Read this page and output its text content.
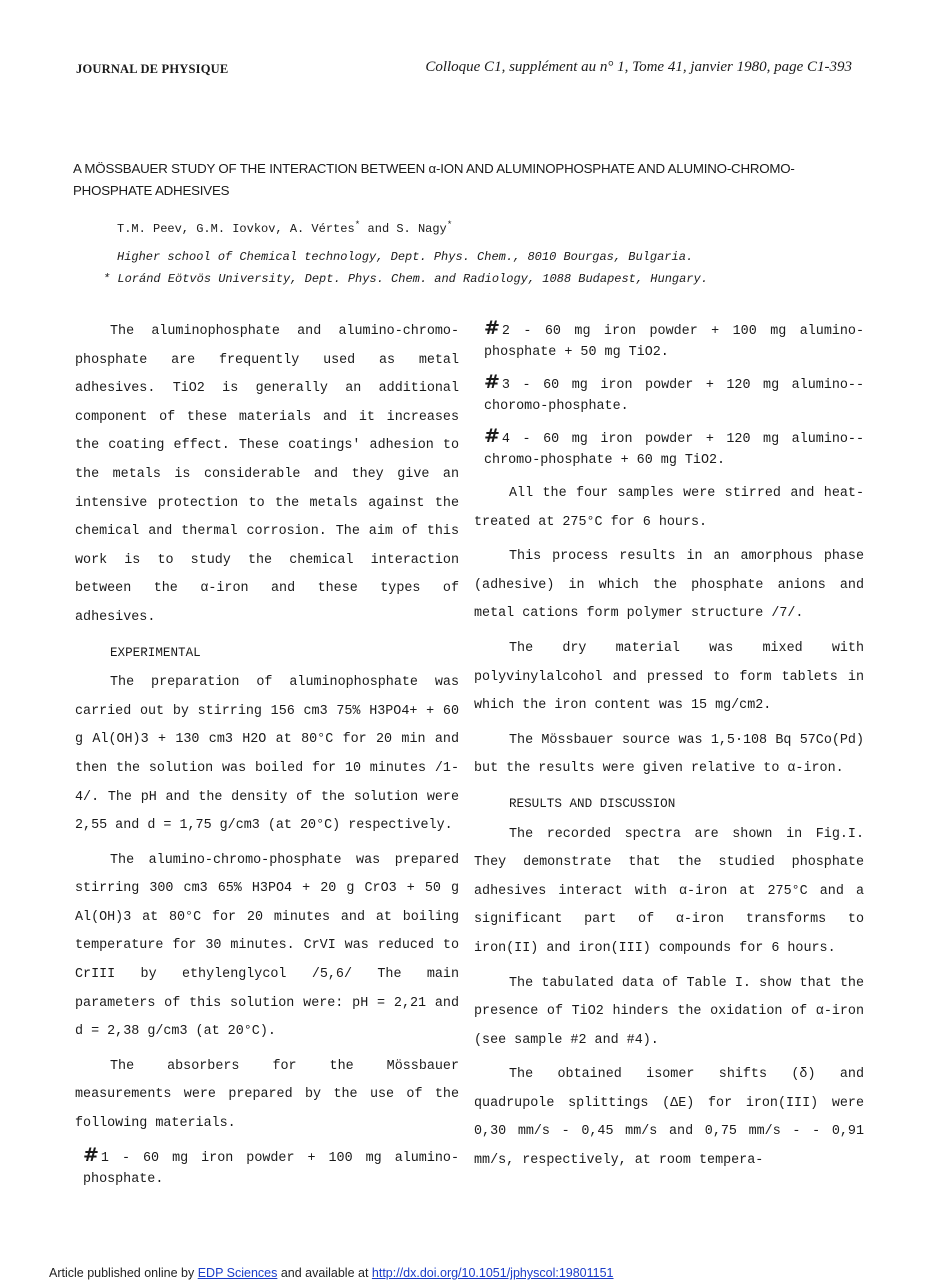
JOURNAL DE PHYSIQUE	Colloque C1, supplément au n° 1, Tome 41, janvier 1980, page C1-393
A MÖSSBAUER STUDY OF THE INTERACTION BETWEEN α-ION AND ALUMINOPHOSPHATE AND ALUMINO-CHROMO-PHOSPHATE ADHESIVES
T.M. Peev, G.M. Iovkov, A. Vértes* and S. Nagy*
Higher school of Chemical technology, Dept. Phys. Chem., 8010 Bourgas, Bulgaria.
* Loránd Eötvös University, Dept. Phys. Chem. and Radiology, 1088 Budapest, Hungary.

The aluminophosphate and alumino-chromo-phosphate are frequently used as metal adhesives. TiO2 is generally an additional component of these materials and it increases the coating effect. These coatings' adhesion to the metals is considerable and they give an intensive protection to the metals against the chemical and thermal corrosion. The aim of this work is to study the chemical interaction between the α-iron and these types of adhesives.

EXPERIMENTAL

The preparation of aluminophosphate was carried out by stirring 156 cm3 75% H3PO4+ + 60 g Al(OH)3 + 130 cm3 H2O at 80°C for 20 min and then the solution was boiled for 10 minutes /1-4/. The pH and the density of the solution were 2,55 and d = 1,75 g/cm3 (at 20°C) respectively.

The alumino-chromo-phosphate was prepared stirring 300 cm3 65% H3PO4 + 20 g CrO3 + 50 g Al(OH)3 at 80°C for 20 minutes and at boiling temperature for 30 minutes. CrVI was reduced to CrIII by ethylenglycol /5,6/ The main parameters of this solution were: pH = 2,21 and d = 2,38 g/cm3 (at 20°C).

The absorbers for the Mössbauer measurements were prepared by the use of the following materials.

# 1 - 60 mg iron powder + 100 mg alumino-phosphate.
# 2 - 60 mg iron powder + 100 mg alumino-phosphate + 50 mg TiO2.
# 3 - 60 mg iron powder + 120 mg alumino--choromo-phosphate.
# 4 - 60 mg iron powder + 120 mg alumino--chromo-phosphate + 60 mg TiO2.

All the four samples were stirred and heat-treated at 275°C for 6 hours.

This process results in an amorphous phase (adhesive) in which the phosphate anions and metal cations form polymer structure /7/.

The dry material was mixed with polyvinylalcohol and pressed to form tablets in which the iron content was 15 mg/cm2.

The Mössbauer source was 1,5·108 Bq 57Co(Pd) but the results were given relative to α-iron.

RESULTS AND DISCUSSION

The recorded spectra are shown in Fig.I. They demonstrate that the studied phosphate adhesives interact with α-iron at 275°C and a significant part of α-iron transforms to iron(II) and iron(III) compounds for 6 hours.

The tabulated data of Table I. show that the presence of TiO2 hinders the oxidation of α-iron (see sample #2 and #4).

The obtained isomer shifts (δ) and quadrupole splittings (ΔE) for iron(III) were 0,30 mm/s - 0,45 mm/s and 0,75 mm/s - - 0,91 mm/s, respectively, at room tempera-

Article published online by EDP Sciences and available at http://dx.doi.org/10.1051/jphyscol:19801151
